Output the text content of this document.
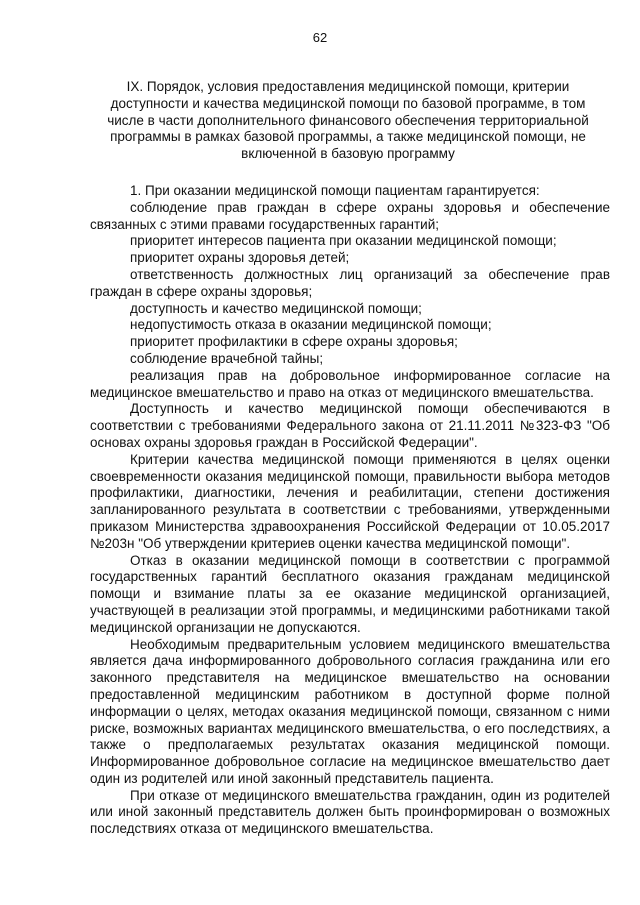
62
IX. Порядок, условия предоставления медицинской помощи, критерии доступности и качества медицинской помощи по базовой программе, в том числе в части дополнительного финансового обеспечения территориальной программы в рамках базовой программы, а также медицинской помощи, не включенной в базовую программу

1. При оказании медицинской помощи пациентам гарантируется:

соблюдение прав граждан в сфере охраны здоровья и обеспечение связанных с этими правами государственных гарантий;

приоритет интересов пациента при оказании медицинской помощи;

приоритет охраны здоровья детей;

ответственность должностных лиц организаций за обеспечение прав граждан в сфере охраны здоровья;

доступность и качество медицинской помощи;

недопустимость отказа в оказании медицинской помощи;

приоритет профилактики в сфере охраны здоровья;

соблюдение врачебной тайны;

реализация прав на добровольное информированное согласие на медицинское вмешательство и право на отказ от медицинского вмешательства.

Доступность и качество медицинской помощи обеспечиваются в соответствии с требованиями Федерального закона от 21.11.2011 №323-ФЗ "Об основах охраны здоровья граждан в Российской Федерации".

Критерии качества медицинской помощи применяются в целях оценки своевременности оказания медицинской помощи, правильности выбора методов профилактики, диагностики, лечения и реабилитации, степени достижения запланированного результата в соответствии с требованиями, утвержденными приказом Министерства здравоохранения Российской Федерации от 10.05.2017 №203н "Об утверждении критериев оценки качества медицинской помощи".

Отказ в оказании медицинской помощи в соответствии с программой государственных гарантий бесплатного оказания гражданам медицинской помощи и взимание платы за ее оказание медицинской организацией, участвующей в реализации этой программы, и медицинскими работниками такой медицинской организации не допускаются.

Необходимым предварительным условием медицинского вмешательства является дача информированного добровольного согласия гражданина или его законного представителя на медицинское вмешательство на основании предоставленной медицинским работником в доступной форме полной информации о целях, методах оказания медицинской помощи, связанном с ними риске, возможных вариантах медицинского вмешательства, о его последствиях, а также о предполагаемых результатах оказания медицинской помощи. Информированное добровольное согласие на медицинское вмешательство дает один из родителей или иной законный представитель пациента.

При отказе от медицинского вмешательства гражданин, один из родителей или иной законный представитель должен быть проинформирован о возможных последствиях отказа от медицинского вмешательства.
